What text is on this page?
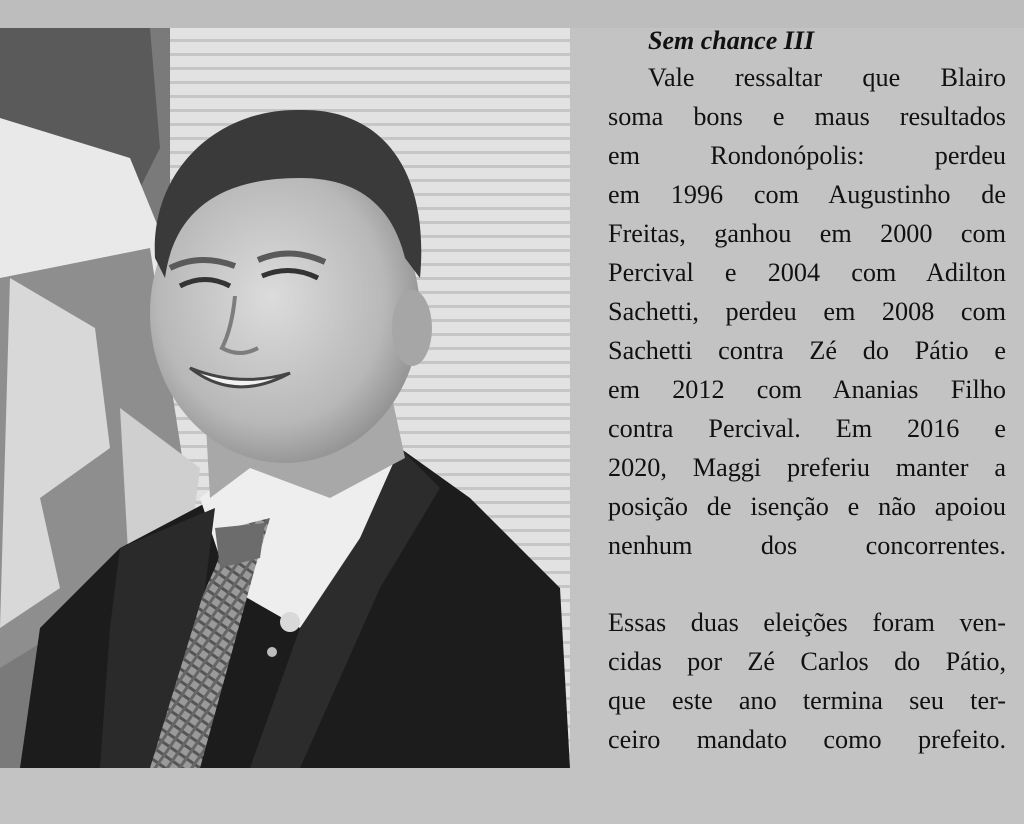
Sem chance III

Vale ressaltar que Blairo
soma bons e maus resultados
em Rondonópolis: perdeu
em 1996 com Augustinho de
Freitas, ganhou em 2000 com
Percival e 2004 com Adilton
Sachetti, perdeu em 2008 com
Sachetti contra Zé do Pátio e
em 2012 com Ananias Filho
contra Percival. Em 2016 e
2020, Maggi preferiu manter a
posição de isenção e não apoiou
nenhum dos concorrentes.

Essas duas eleições foram ven-
cidas por Zé Carlos do Pátio,
que este ano termina seu ter-
ceiro mandato como prefeito.
